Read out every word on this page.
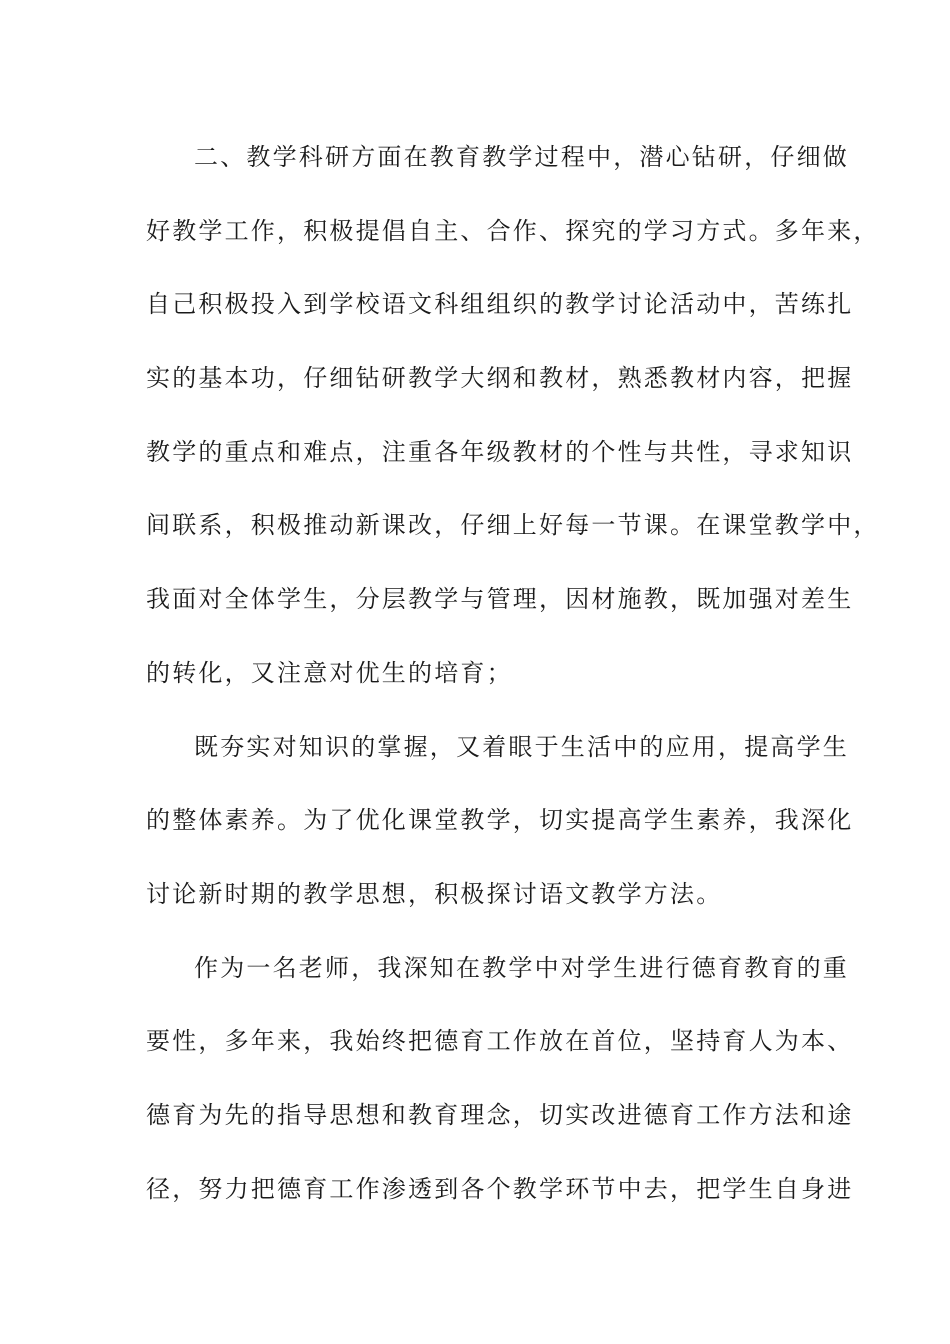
二、教学科研方面在教育教学过程中，潜心钻研，仔细做
好教学工作，积极提倡自主、合作、探究的学习方式。多年来，
自己积极投入到学校语文科组组织的教学讨论活动中，苦练扎
实的基本功，仔细钻研教学大纲和教材，熟悉教材内容，把握
教学的重点和难点，注重各年级教材的个性与共性，寻求知识
间联系，积极推动新课改，仔细上好每一节课。在课堂教学中，
我面对全体学生，分层教学与管理，因材施教，既加强对差生
的转化，又注意对优生的培育；
既夯实对知识的掌握，又着眼于生活中的应用，提高学生
的整体素养。为了优化课堂教学，切实提高学生素养，我深化
讨论新时期的教学思想，积极探讨语文教学方法。
作为一名老师，我深知在教学中对学生进行德育教育的重
要性，多年来，我始终把德育工作放在首位，坚持育人为本、
德育为先的指导思想和教育理念，切实改进德育工作方法和途
径，努力把德育工作渗透到各个教学环节中去，把学生自身进
